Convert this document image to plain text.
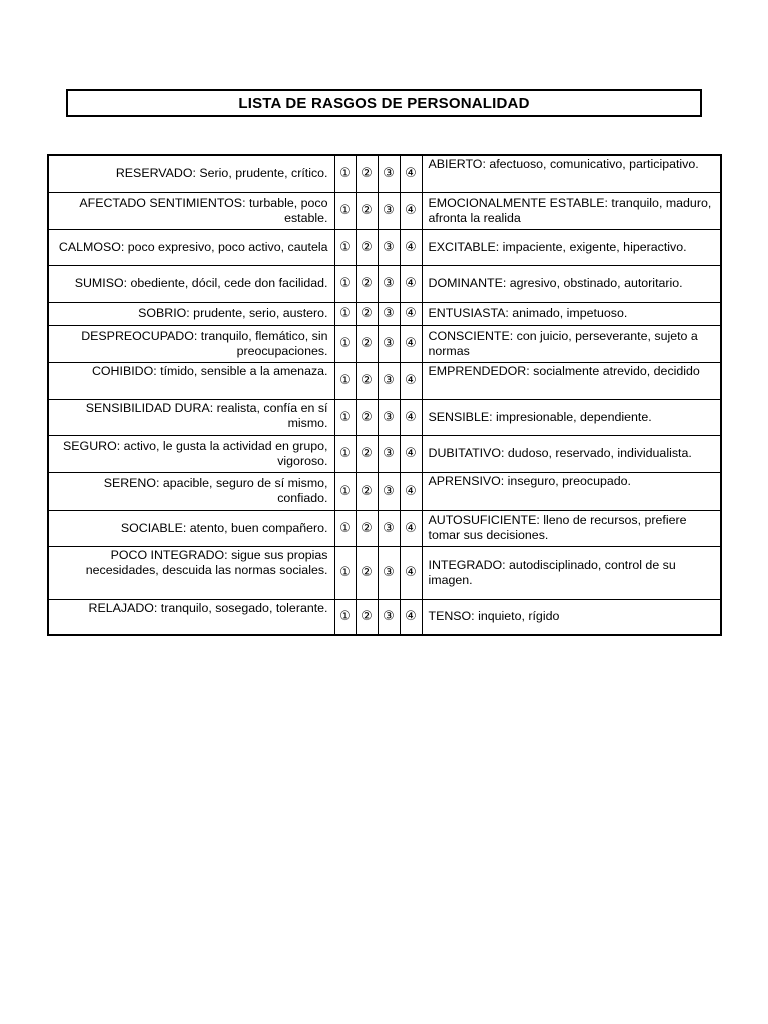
LISTA DE RASGOS DE PERSONALIDAD
RESERVADO: Serio, prudente, crítico.	①	②	③	④	ABIERTO: afectuoso, comunicativo, participativo.
AFECTADO SENTIMIENTOS: turbable, poco estable.	①	②	③	④	EMOCIONALMENTE ESTABLE: tranquilo, maduro, afronta la realida
CALMOSO: poco expresivo, poco activo, cautela	①	②	③	④	EXCITABLE: impaciente, exigente, hiperactivo.
SUMISO: obediente, dócil, cede don facilidad.	①	②	③	④	DOMINANTE: agresivo, obstinado, autoritario.
SOBRIO: prudente, serio, austero.	①	②	③	④	ENTUSIASTA: animado, impetuoso.
DESPREOCUPADO: tranquilo, flemático, sin preocupaciones.	①	②	③	④	CONSCIENTE: con juicio, perseverante, sujeto a normas
COHIBIDO: tímido, sensible a la amenaza.	①	②	③	④	EMPRENDEDOR: socialmente atrevido, decidido
SENSIBILIDAD DURA: realista, confía en sí mismo.	①	②	③	④	SENSIBLE: impresionable, dependiente.
SEGURO: activo, le gusta la actividad en grupo, vigoroso.	①	②	③	④	DUBITATIVO: dudoso, reservado, individualista.
SERENO: apacible, seguro de sí mismo, confiado.	①	②	③	④	APRENSIVO: inseguro, preocupado.
SOCIABLE: atento, buen compañero.	①	②	③	④	AUTOSUFICIENTE: lleno de recursos, prefiere tomar sus decisiones.
POCO INTEGRADO: sigue sus propias necesidades, descuida las normas sociales.	①	②	③	④	INTEGRADO: autodisciplinado, control de su imagen.
RELAJADO: tranquilo, sosegado, tolerante.	①	②	③	④	TENSO: inquieto, rígido
